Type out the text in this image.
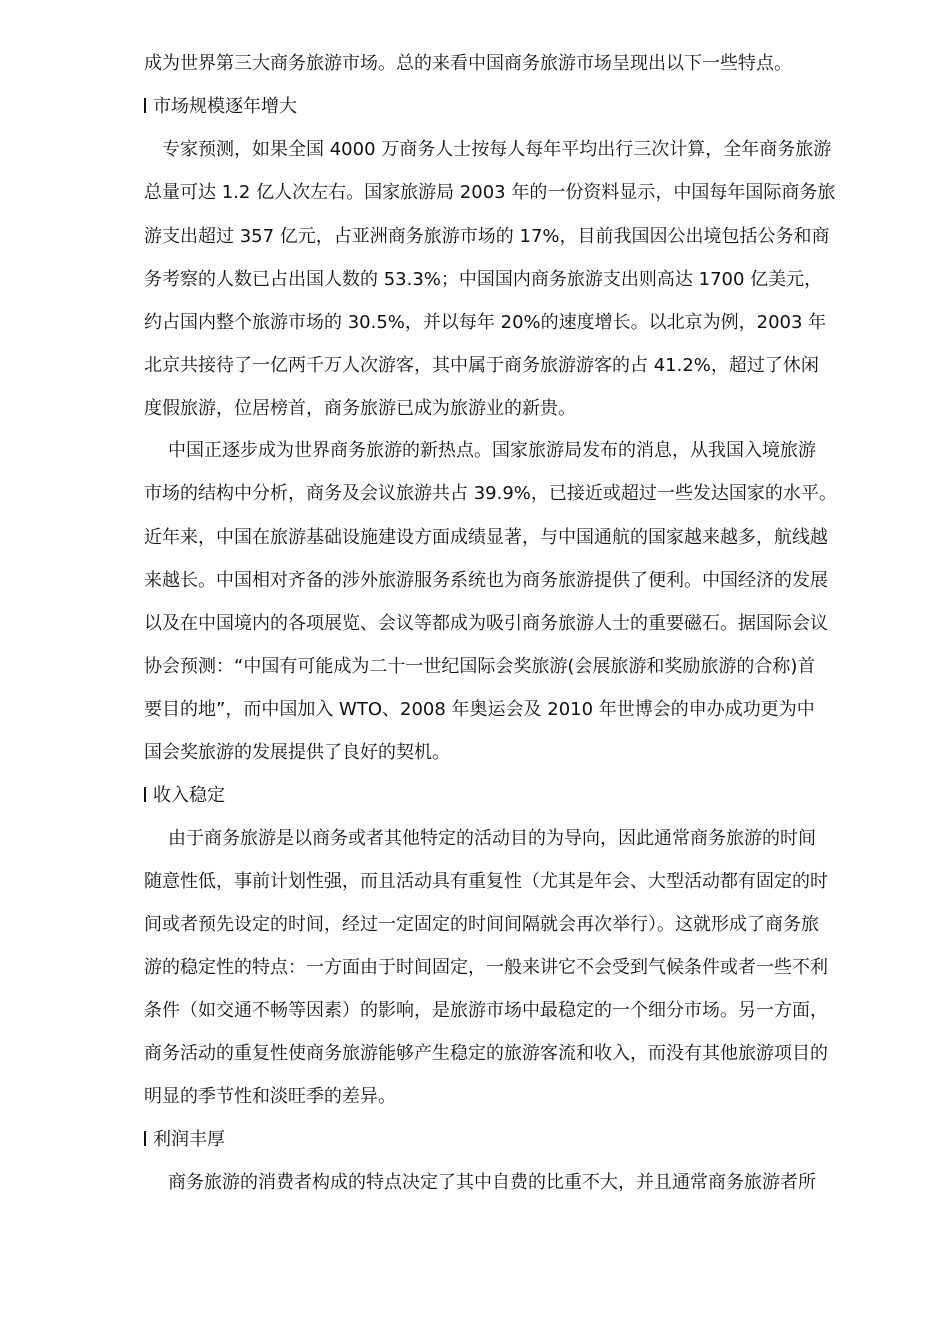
成为世界第三大商务旅游市场。总的来看中国商务旅游市场呈现出以下一些特点。
市场规模逐年增大
专家预测，如果全国 4000 万商务人士按每人每年平均出行三次计算，全年商务旅游
总量可达 1.2 亿人次左右。国家旅游局 2003 年的一份资料显示，中国每年国际商务旅
游支出超过 357 亿元，占亚洲商务旅游市场的 17%，目前我国因公出境包括公务和商
务考察的人数已占出国人数的 53.3%；中国国内商务旅游支出则高达 1700 亿美元，
约占国内整个旅游市场的 30.5%，并以每年 20%的速度增长。以北京为例，2003 年
北京共接待了一亿两千万人次游客，其中属于商务旅游游客的占 41.2%，超过了休闲
度假旅游，位居榜首，商务旅游已成为旅游业的新贵。
中国正逐步成为世界商务旅游的新热点。国家旅游局发布的消息，从我国入境旅游
市场的结构中分析，商务及会议旅游共占 39.9%，已接近或超过一些发达国家的水平。
近年来，中国在旅游基础设施建设方面成绩显著，与中国通航的国家越来越多，航线越
来越长。中国相对齐备的涉外旅游服务系统也为商务旅游提供了便利。中国经济的发展
以及在中国境内的各项展览、会议等都成为吸引商务旅游人士的重要磁石。据国际会议
协会预测：“中国有可能成为二十一世纪国际会奖旅游(会展旅游和奖励旅游的合称)首
要目的地”，而中国加入 WTO、2008 年奥运会及 2010 年世博会的申办成功更为中
国会奖旅游的发展提供了良好的契机。
收入稳定
由于商务旅游是以商务或者其他特定的活动目的为导向，因此通常商务旅游的时间
随意性低，事前计划性强，而且活动具有重复性（尤其是年会、大型活动都有固定的时
间或者预先设定的时间，经过一定固定的时间间隔就会再次举行）。这就形成了商务旅
游的稳定性的特点：一方面由于时间固定，一般来讲它不会受到气候条件或者一些不利
条件（如交通不畅等因素）的影响，是旅游市场中最稳定的一个细分市场。另一方面，
商务活动的重复性使商务旅游能够产生稳定的旅游客流和收入，而没有其他旅游项目的
明显的季节性和淡旺季的差异。
利润丰厚
商务旅游的消费者构成的特点决定了其中自费的比重不大，并且通常商务旅游者所
